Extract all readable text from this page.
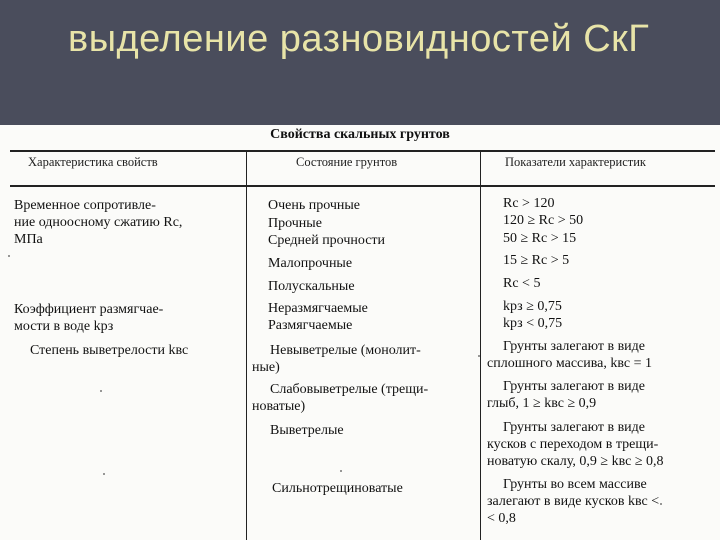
выделение разновидностей СкГ
Свойства скальных грунтов
Характеристика свойств	Состояние грунтов	Показатели характеристик
Временное сопротивле-
ние одноосному сжатию Rс,
МПа
Коэффициент размягчае-
мости в воде kрз
Степень выветрелости kвс
Очень прочные
Прочные
Средней прочности
Малопрочные
Полускальные
Неразмягчаемые
Размягчаемые
Невыветрелые (монолит-
ные)
Слабовыветрелые (трещи-
новатые)
Выветрелые
Сильнотрещиноватые
Rс > 120
120 ≥ Rс > 50
50 ≥ Rс > 15
15 ≥ Rс > 5
Rс < 5
kрз ≥ 0,75
kрз < 0,75
Грунты залегают в виде
сплошного массива, kвс = 1
Грунты залегают в виде
глыб, 1 ≥ kвс ≥ 0,9
Грунты залегают в виде
кусков с переходом в трещи-
новатую скалу, 0,9 ≥ kвс ≥ 0,8
Грунты во всем массиве
залегают в виде кусков kвс <
< 0,8
